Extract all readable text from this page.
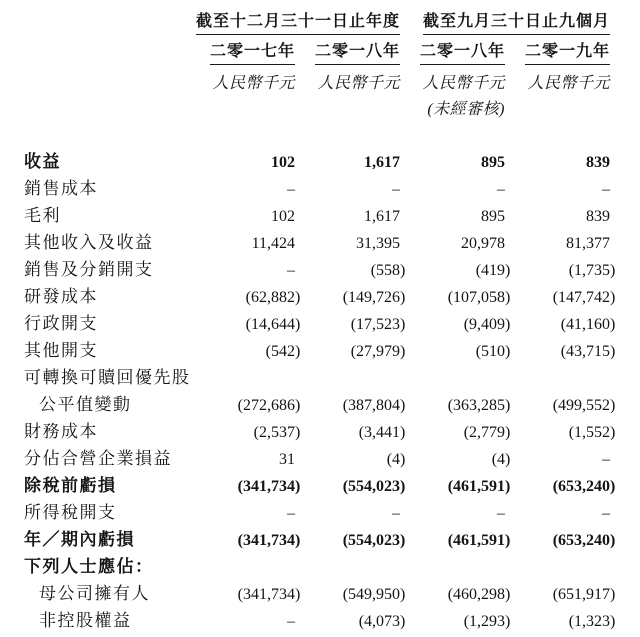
	截至十二月三十一日止年度		截至九月三十日止九個月	
	二零一七年	二零一八年	二零一八年	二零一九年
	人民幣千元	人民幣千元	人民幣千元	人民幣千元
			(未經審核)	
收益	102	1,617	895	839
銷售成本	–	–	–	–
毛利	102	1,617	895	839
其他收入及收益	11,424	31,395	20,978	81,377
銷售及分銷開支	–	(558)	(419)	(1,735)
研發成本	(62,882)	(149,726)	(107,058)	(147,742)
行政開支	(14,644)	(17,523)	(9,409)	(41,160)
其他開支	(542)	(27,979)	(510)	(43,715)
可轉換可贖回優先股				
公平值變動	(272,686)	(387,804)	(363,285)	(499,552)
財務成本	(2,537)	(3,441)	(2,779)	(1,552)
分佔合營企業損益	31	(4)	(4)	–
除稅前虧損	(341,734)	(554,023)	(461,591)	(653,240)
所得稅開支	–	–	–	–
年／期內虧損	(341,734)	(554,023)	(461,591)	(653,240)
下列人士應佔：				
母公司擁有人	(341,734)	(549,950)	(460,298)	(651,917)
非控股權益	–	(4,073)	(1,293)	(1,323)
